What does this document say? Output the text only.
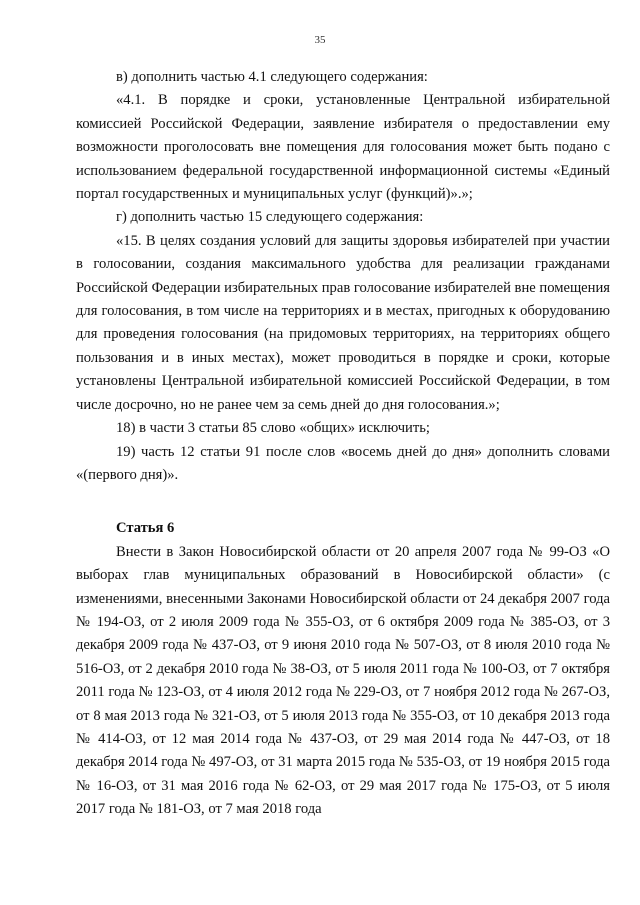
35

в) дополнить частью 4.1 следующего содержания:

«4.1. В порядке и сроки, установленные Центральной избирательной комиссией Российской Федерации, заявление избирателя о предоставлении ему возможности проголосовать вне помещения для голосования может быть подано с использованием федеральной государственной информационной системы «Единый портал государственных и муниципальных услуг (функций)».»;

г) дополнить частью 15 следующего содержания:

«15. В целях создания условий для защиты здоровья избирателей при участии в голосовании, создания максимального удобства для реализации гражданами Российской Федерации избирательных прав голосование избирателей вне помещения для голосования, в том числе на территориях и в местах, пригодных к оборудованию для проведения голосования (на придомовых территориях, на территориях общего пользования и в иных местах), может проводиться в порядке и сроки, которые установлены Центральной избирательной комиссией Российской Федерации, в том числе досрочно, но не ранее чем за семь дней до дня голосования.»;

18) в части 3 статьи 85 слово «общих» исключить;

19) часть 12 статьи 91 после слов «восемь дней до дня» дополнить словами «(первого дня)».

Статья 6

Внести в Закон Новосибирской области от 20 апреля 2007 года № 99-ОЗ «О выборах глав муниципальных образований в Новосибирской области» (с изменениями, внесенными Законами Новосибирской области от 24 декабря 2007 года № 194-ОЗ, от 2 июля 2009 года № 355-ОЗ, от 6 октября 2009 года № 385-ОЗ, от 3 декабря 2009 года № 437-ОЗ, от 9 июня 2010 года № 507-ОЗ, от 8 июля 2010 года № 516-ОЗ, от 2 декабря 2010 года № 38-ОЗ, от 5 июля 2011 года № 100-ОЗ, от 7 октября 2011 года № 123-ОЗ, от 4 июля 2012 года № 229-ОЗ, от 7 ноября 2012 года № 267-ОЗ, от 8 мая 2013 года № 321-ОЗ, от 5 июля 2013 года № 355-ОЗ, от 10 декабря 2013 года № 414-ОЗ, от 12 мая 2014 года № 437-ОЗ, от 29 мая 2014 года № 447-ОЗ, от 18 декабря 2014 года № 497-ОЗ, от 31 марта 2015 года № 535-ОЗ, от 19 ноября 2015 года № 16-ОЗ, от 31 мая 2016 года № 62-ОЗ, от 29 мая 2017 года № 175-ОЗ, от 5 июля 2017 года № 181-ОЗ, от 7 мая 2018 года
